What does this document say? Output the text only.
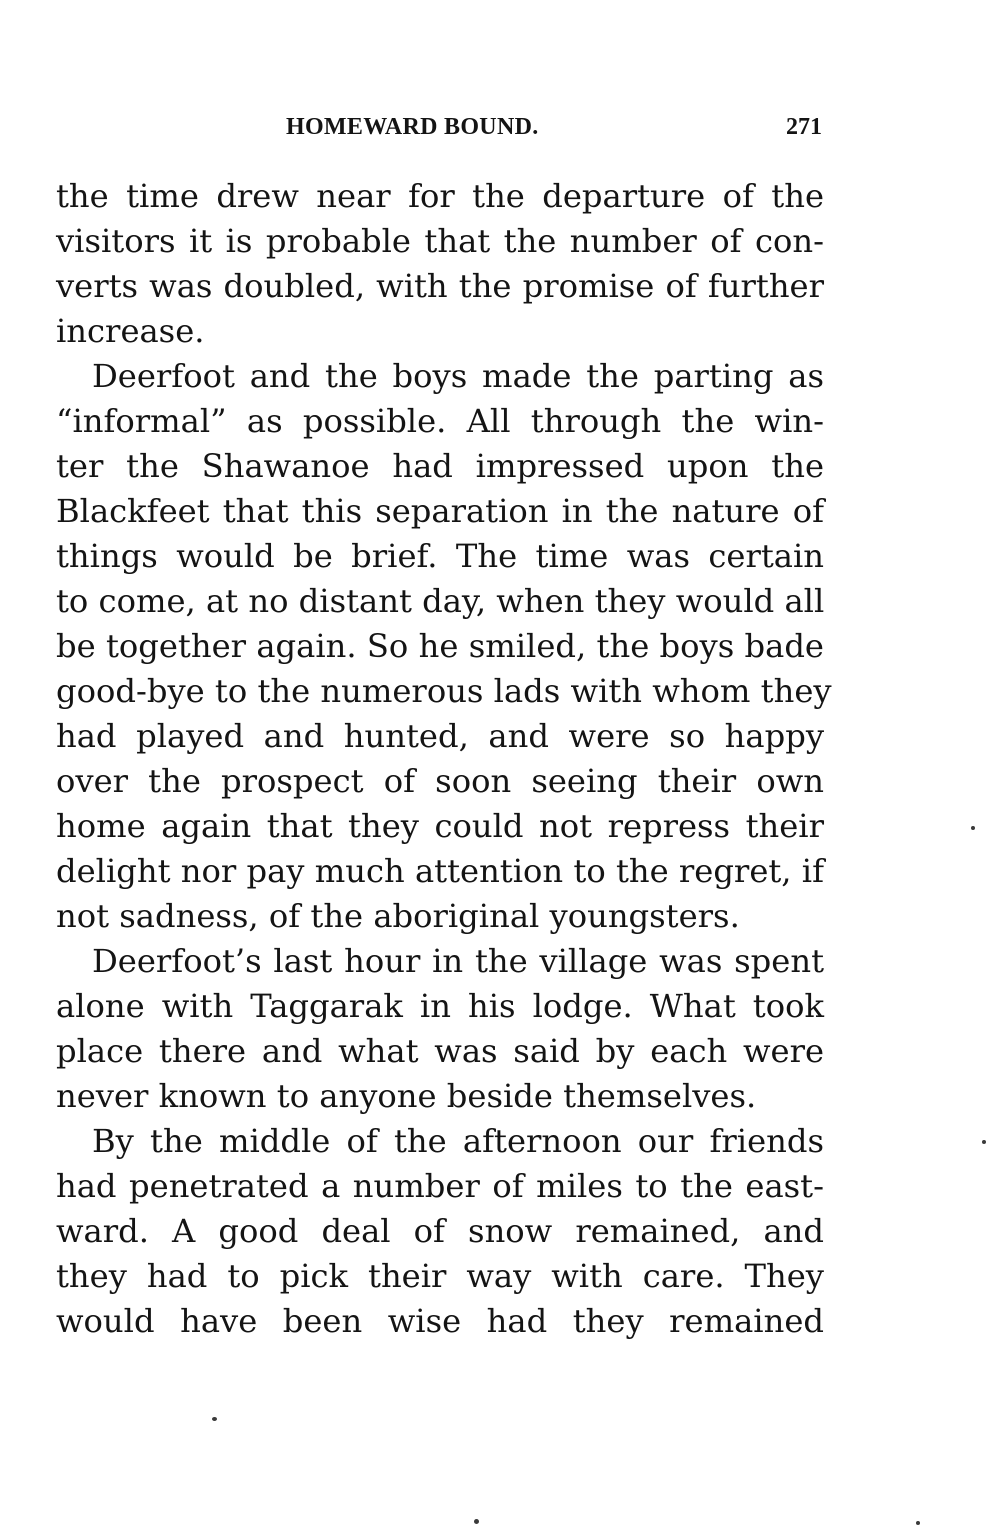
HOMEWARD BOUND.	271
the time drew near for the departure of the
visitors it is probable that the number of con-
verts was doubled, with the promise of further
increase.
Deerfoot and the boys made the parting as
“informal” as possible. All through the win-
ter the Shawanoe had impressed upon the
Blackfeet that this separation in the nature of
things would be brief. The time was certain
to come, at no distant day, when they would all
be together again. So he smiled, the boys bade
good-bye to the numerous lads with whom they
had played and hunted, and were so happy
over the prospect of soon seeing their own
home again that they could not repress their
delight nor pay much attention to the regret, if
not sadness, of the aboriginal youngsters.
Deerfoot’s last hour in the village was spent
alone with Taggarak in his lodge. What took
place there and what was said by each were
never known to anyone beside themselves.
By the middle of the afternoon our friends
had penetrated a number of miles to the east-
ward. A good deal of snow remained, and
they had to pick their way with care. They
would have been wise had they remained
